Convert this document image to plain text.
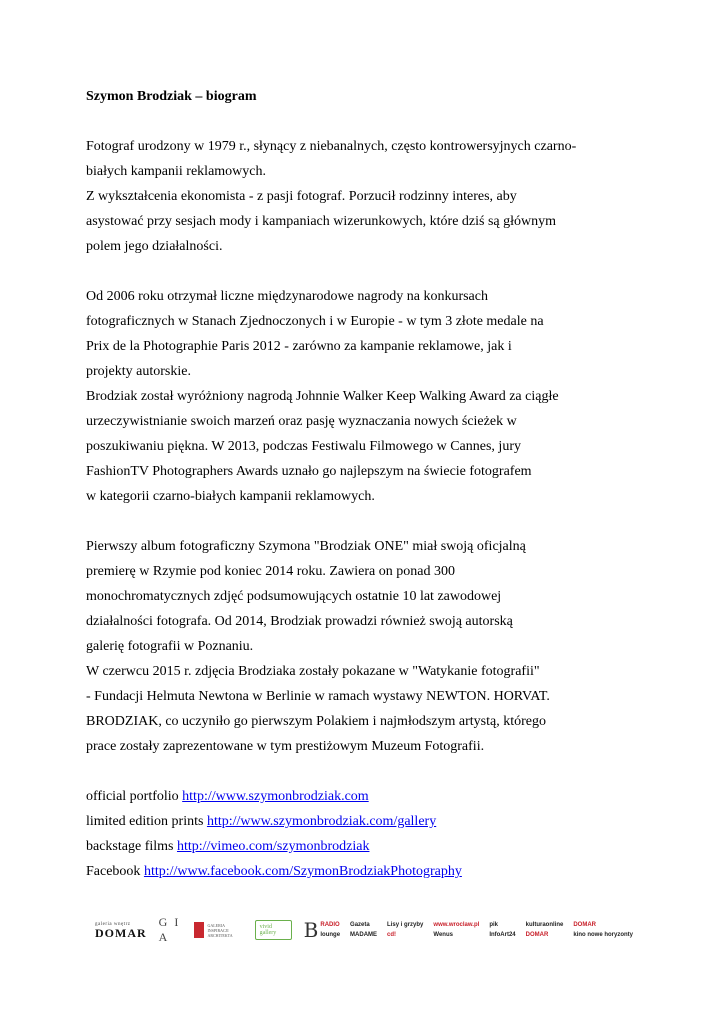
Szymon Brodziak – biogram
Fotograf urodzony w 1979 r., słynący z niebanalnych, często kontrowersyjnych czarno-
białych kampanii reklamowych.
Z wykształcenia ekonomista - z pasji fotograf. Porzucił rodzinny interes, aby
asystować przy sesjach mody i kampaniach wizerunkowych, które dziś są głównym
polem jego działalności.
Od 2006 roku otrzymał liczne międzynarodowe nagrody na konkursach
fotograficznych w Stanach Zjednoczonych i w Europie - w tym 3 złote medale na
Prix de la Photographie Paris 2012 - zarówno za kampanie reklamowe, jak i
projekty autorskie.
Brodziak został wyróżniony nagrodą Johnnie Walker Keep Walking Award za ciągłe
urzeczywistnianie swoich marzeń oraz pasję wyznaczania nowych ścieżek w
poszukiwaniu piękna. W 2013, podczas Festiwalu Filmowego w Cannes, jury
FashionTV Photographers Awards uznało go najlepszym na świecie fotografem
w kategorii czarno-białych kampanii reklamowych.
Pierwszy album fotograficzny Szymona "Brodziak ONE" miał swoją oficjalną
premierę w Rzymie pod koniec 2014 roku. Zawiera on ponad 300
monochromatycznych zdjęć podsumowujących ostatnie 10 lat zawodowej
działalności fotografa. Od 2014, Brodziak prowadzi również swoją autorską
galerię fotografii w Poznaniu.
W czerwcu 2015 r. zdjęcia Brodziaka zostały pokazane w "Watykanie fotografii"
- Fundacji Helmuta Newtona w Berlinie w ramach wystawy NEWTON. HORVAT.
BRODZIAK, co uczyniło go pierwszym Polakiem i najmłodszym artystą, którego
prace zostały zaprezentowane w tym prestiżowym Muzeum Fotografii.
official portfolio http://www.szymonbrodziak.com
limited edition prints http://www.szymonbrodziak.com/gallery
backstage films http://vimeo.com/szymonbrodziak
Facebook http://www.facebook.com/SzymonBrodziakPhotography
galeria wnętrz
DOMAR
G I A
GALERIA INSPIRACJI ARCHITEKTA
vivid gallery	B RADIO	Gazeta	Lisy i grzyby	www.wroclaw.pl	pik	kulturaonline	DOMAR
lounge	MADAME	cd!	Wenus	InfoArt24	DOMAR	kino nowe horyzonty
